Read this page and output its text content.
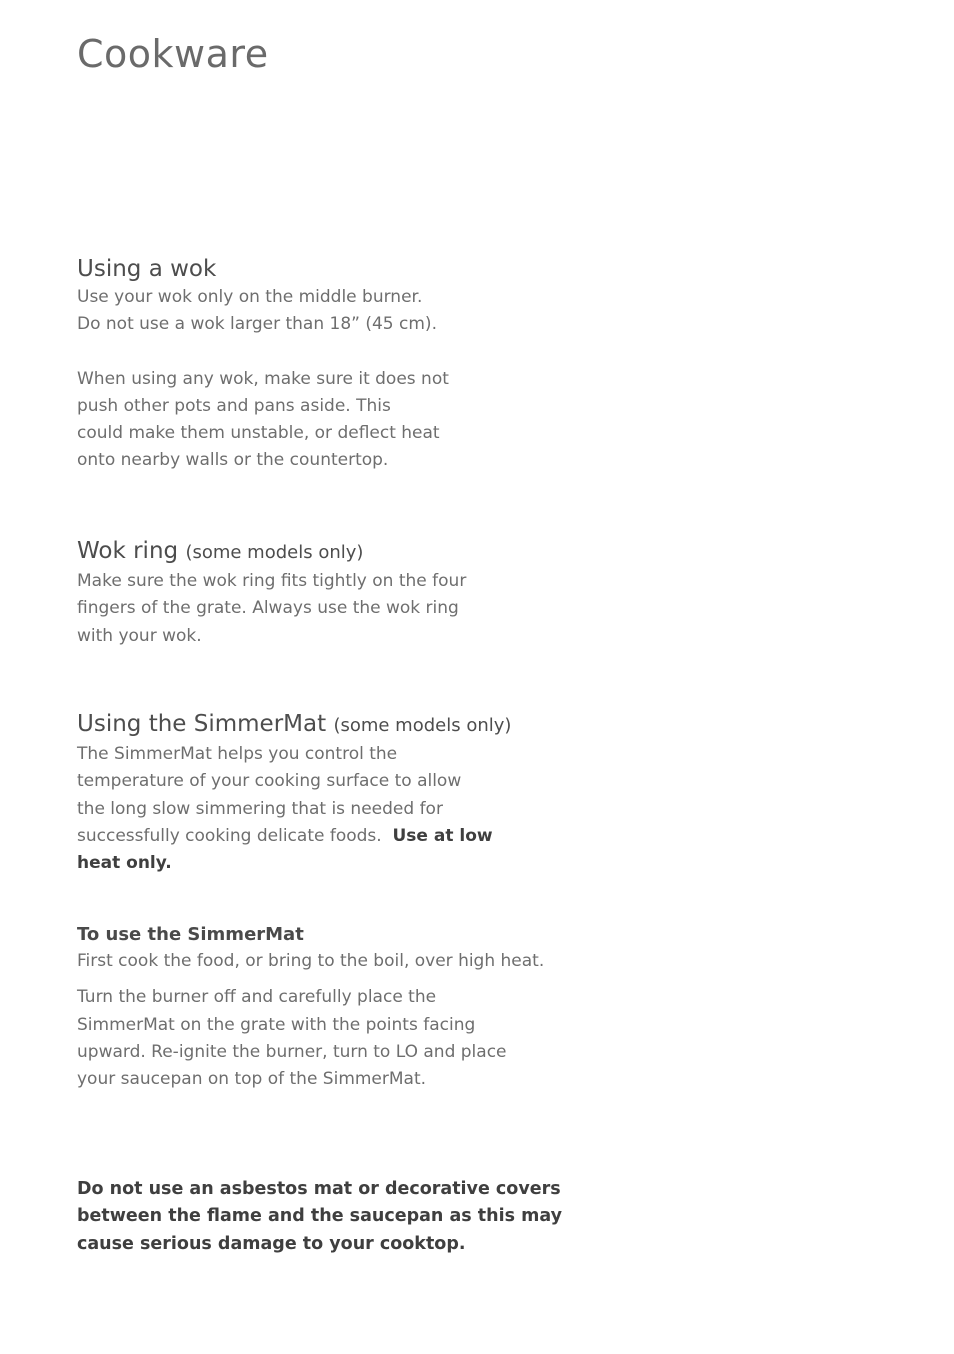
Cookware
Using a wok

Use your wok only on the middle burner.
Do not use a wok larger than 18” (45 cm).

When using any wok, make sure it does not
push other pots and pans aside. This
could make them unstable, or deflect heat
onto nearby walls or the countertop.

Wok ring (some models only)

Make sure the wok ring fits tightly on the four
fingers of the grate. Always use the wok ring
with your wok.

Using the SimmerMat (some models only)

The SimmerMat helps you control the
temperature of your cooking surface to allow
the long slow simmering that is needed for
successfully cooking delicate foods. Use at low
heat only.

To use the SimmerMat

First cook the food, or bring to the boil, over high heat.

Turn the burner off and carefully place the
SimmerMat on the grate with the points facing
upward. Re-ignite the burner, turn to LO and place
your saucepan on top of the SimmerMat.

Do not use an asbestos mat or decorative covers
between the flame and the saucepan as this may
cause serious damage to your cooktop.
